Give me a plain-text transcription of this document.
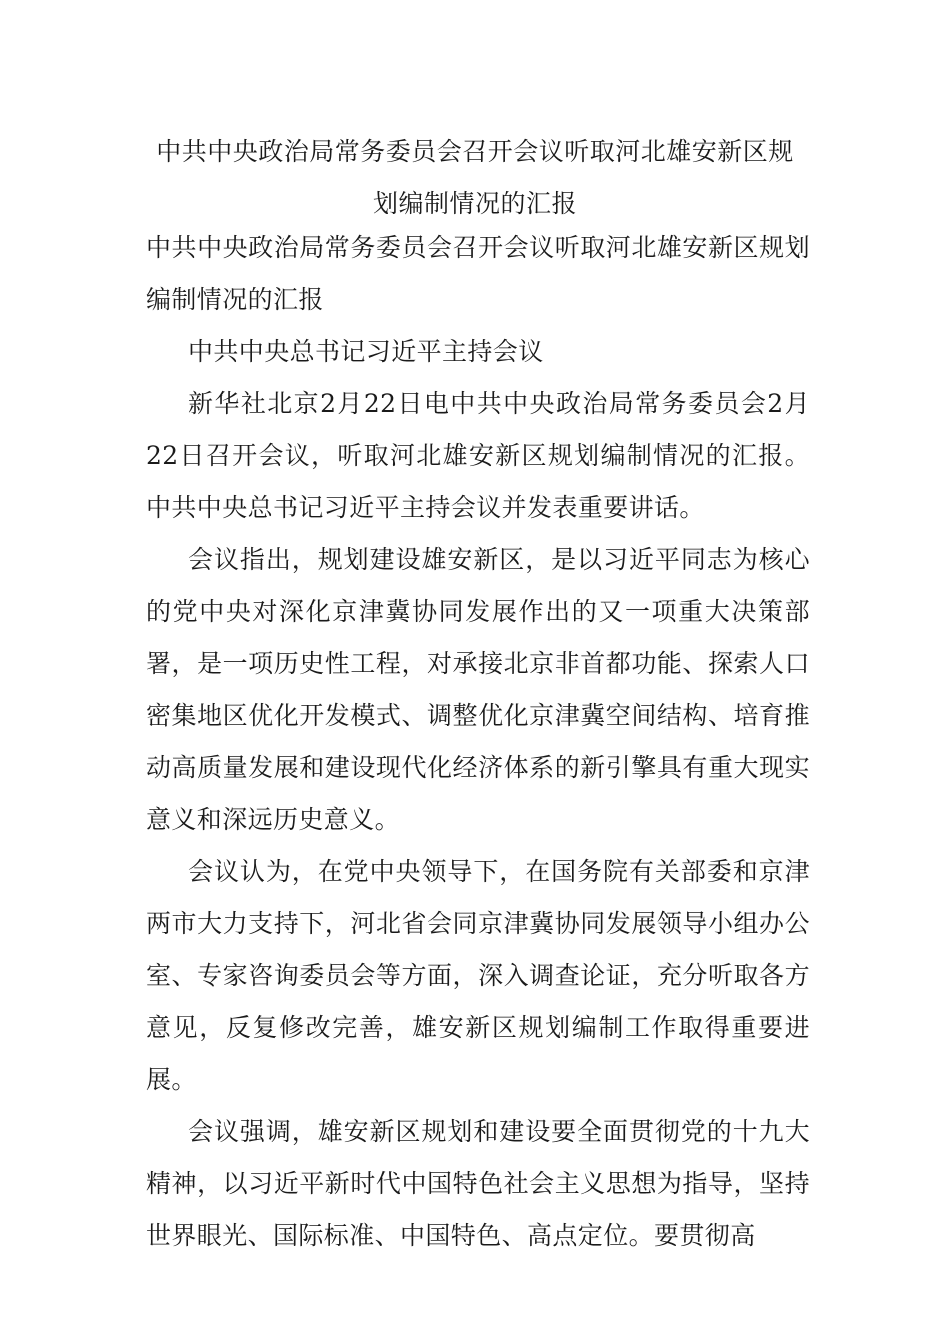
中共中央政治局常务委员会召开会议听取河北雄安新区规
划编制情况的汇报

中共中央政治局常务委员会召开会议听取河北雄安新区规划编制情况的汇报

中共中央总书记习近平主持会议

新华社北京2月22日电中共中央政治局常务委员会2月22日召开会议，听取河北雄安新区规划编制情况的汇报。中共中央总书记习近平主持会议并发表重要讲话。

会议指出，规划建设雄安新区，是以习近平同志为核心的党中央对深化京津冀协同发展作出的又一项重大决策部署，是一项历史性工程，对承接北京非首都功能、探索人口密集地区优化开发模式、调整优化京津冀空间结构、培育推动高质量发展和建设现代化经济体系的新引擎具有重大现实意义和深远历史意义。

会议认为，在党中央领导下，在国务院有关部委和京津两市大力支持下，河北省会同京津冀协同发展领导小组办公室、专家咨询委员会等方面，深入调查论证，充分听取各方意见，反复修改完善，雄安新区规划编制工作取得重要进展。

会议强调，雄安新区规划和建设要全面贯彻党的十九大精神，以习近平新时代中国特色社会主义思想为指导，坚持世界眼光、国际标准、中国特色、高点定位。要贯彻高
